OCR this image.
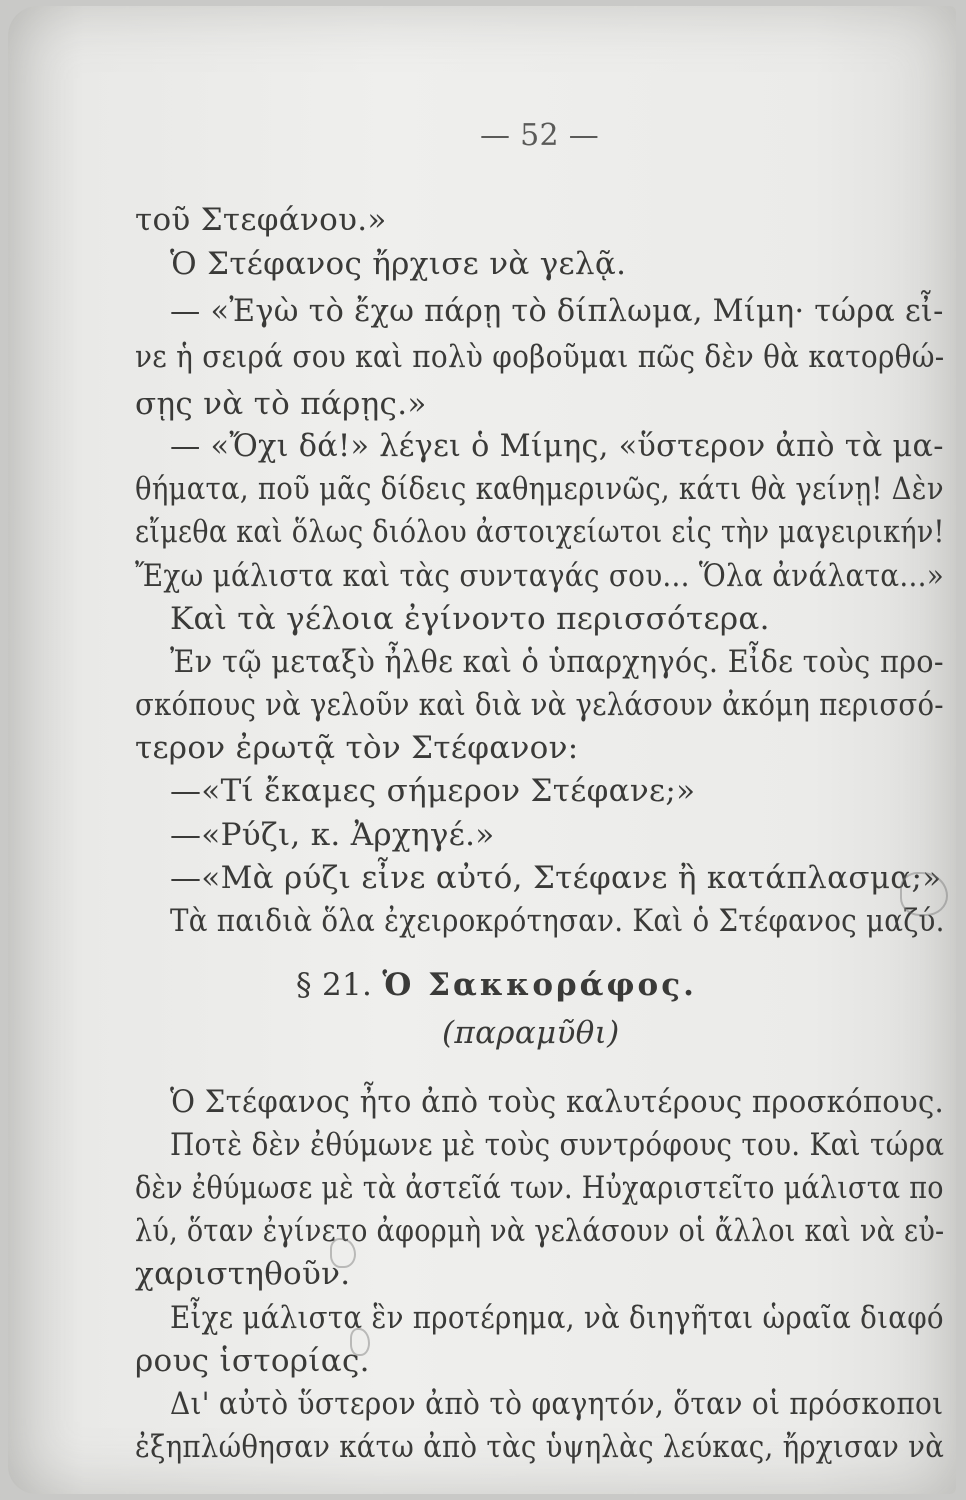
— 52 —
τοῦ Στεφάνου.»
Ὁ Στέφανος ἤρχισε νὰ γελᾷ.
— «Ἐγὼ τὸ ἔχω πάρῃ τὸ δίπλωμα, Μίμη· τώρα εἶ-
νε ἡ σειρά σου καὶ πολὺ φοβοῦμαι πῶς δὲν θὰ κατορθώ-
σῃς νὰ τὸ πάρῃς.»
— «Ὄχι δά!» λέγει ὁ Μίμης, «ὕστερον ἀπὸ τὰ μα-
θήματα, ποῦ μᾶς δίδεις καθημερινῶς, κάτι θὰ γείνῃ! Δὲν
εἴμεθα καὶ ὅλως διόλου ἀστοιχείωτοι εἰς τὴν μαγειρικήν!
Ἔχω μάλιστα καὶ τὰς συνταγάς σου... Ὅλα ἀνάλατα...»
Καὶ τὰ γέλοια ἐγίνοντο περισσότερα.
Ἐν τῷ μεταξὺ ἦλθε καὶ ὁ ὑπαρχηγός. Εἶδε τοὺς προ-
σκόπους νὰ γελοῦν καὶ διὰ νὰ γελάσουν ἀκόμη περισσό-
τερον ἐρωτᾷ τὸν Στέφανον:
—«Τί ἔκαμες σήμερον Στέφανε;»
—«Ρύζι, κ. Ἀρχηγέ.»
—«Μὰ ρύζι εἶνε αὐτό, Στέφανε ἢ κατάπλασμα;»
Τὰ παιδιὰ ὅλα ἐχειροκρότησαν. Καὶ ὁ Στέφανος μαζύ.
§ 21. Ὁ Σακκοράφος.
(παραμῦθι)
Ὁ Στέφανος ἦτο ἀπὸ τοὺς καλυτέρους προσκόπους.
Ποτὲ δὲν ἐθύμωνε μὲ τοὺς συντρόφους του. Καὶ τώρα
δὲν ἐθύμωσε μὲ τὰ ἀστεῖά των. Ηὐχαριστεῖτο μάλιστα πο
λύ, ὅταν ἐγίνετο ἀφορμὴ νὰ γελάσουν οἱ ἄλλοι καὶ νὰ εὐ-
χαριστηθοῦν.
Εἶχε μάλιστα ἓν προτέρημα, νὰ διηγῆται ὡραῖα διαφό
ρους ἱστορίας.
Δι' αὐτὸ ὕστερον ἀπὸ τὸ φαγητόν, ὅταν οἱ πρόσκοποι
ἐξηπλώθησαν κάτω ἀπὸ τὰς ὑψηλὰς λεύκας, ἤρχισαν νὰ
